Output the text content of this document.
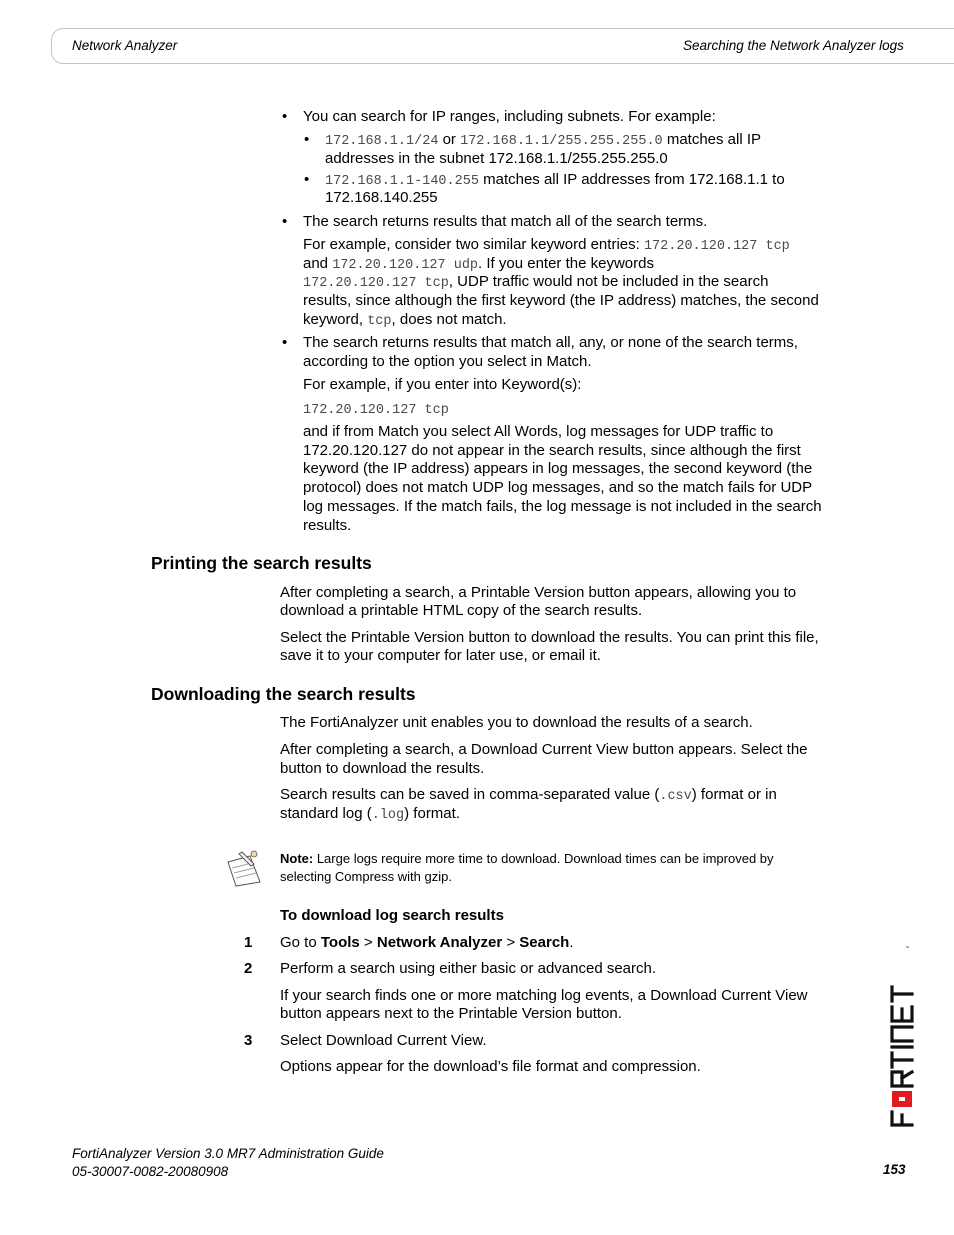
Network Analyzer	Searching the Network Analyzer logs
• You can search for IP ranges, including subnets. For example:
• 172.168.1.1/24 or 172.168.1.1/255.255.255.0 matches all IP
addresses in the subnet 172.168.1.1/255.255.255.0
• 172.168.1.1-140.255 matches all IP addresses from 172.168.1.1 to
172.168.140.255
• The search returns results that match all of the search terms.
For example, consider two similar keyword entries: 172.20.120.127 tcp
and 172.20.120.127 udp. If you enter the keywords
172.20.120.127 tcp, UDP traffic would not be included in the search
results, since although the first keyword (the IP address) matches, the second
keyword, tcp, does not match.
• The search returns results that match all, any, or none of the search terms,
according to the option you select in Match.
For example, if you enter into Keyword(s):
172.20.120.127 tcp
and if from Match you select All Words, log messages for UDP traffic to
172.20.120.127 do not appear in the search results, since although the first
keyword (the IP address) appears in log messages, the second keyword (the
protocol) does not match UDP log messages, and so the match fails for UDP
log messages. If the match fails, the log message is not included in the search
results.
Printing the search results
After completing a search, a Printable Version button appears, allowing you to
download a printable HTML copy of the search results.
Select the Printable Version button to download the results. You can print this file,
save it to your computer for later use, or email it.
Downloading the search results
The FortiAnalyzer unit enables you to download the results of a search.
After completing a search, a Download Current View button appears. Select the
button to download the results.
Search results can be saved in comma-separated value (.csv) format or in
standard log (.log) format.
Note: Large logs require more time to download. Download times can be improved by
selecting Compress with gzip.
To download log search results
1 Go to Tools > Network Analyzer > Search.
2 Perform a search using either basic or advanced search.
If your search finds one or more matching log events, a Download Current View
button appears next to the Printable Version button.
3 Select Download Current View.
Options appear for the download’s file format and compression.
™
FortiAnalyzer Version 3.0 MR7 Administration Guide
05-30007-0082-20080908	153
